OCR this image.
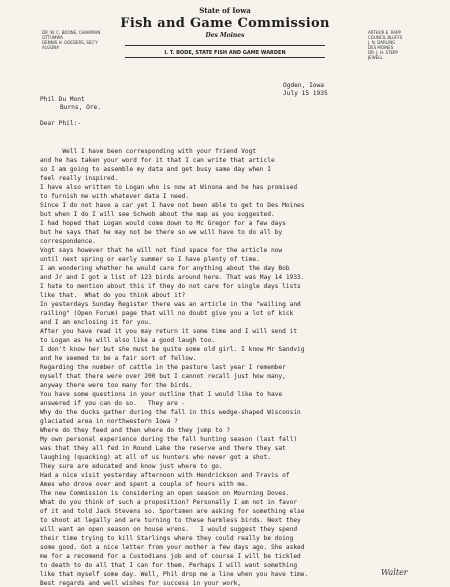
State of Iowa
Fish and Game Commission
Des Moines
I. T. BODE, STATE FISH AND GAME WARDEN
DR. W. C. BOONE, CHAIRMAN
OTTUMWA
DENNIS H. GOEDERS, SEC'Y
ALGONA
ARTHUR E. RAPP
COUNCIL BLUFFS
J. N. DARLING
DES MOINES
DR. J. H. STEPP
JEWELL
Ogden, Iowa
July 15 1935
Phil Du Mont
Burns, Ore.
Dear Phil:-
Well I have been corresponding with your friend Vogt
and he has taken your word for it that I can write that article
so I am going to assemble my data and get busy same day when I
feel really inspired.
I have also written to Logan who is now at Winona and he has promised
to furnish me with whatever data I need.
Since I do not have a car yet I have not been able to get to Des Moines
but when I do I will see Schwob about the map as you suggested.
I had hoped that Logan would come down to Mc Gregor for a few days
but he says that he may not be there so we will have to do all by
correspondence.
Vogt says however that he will not find space for the article now
until next spring or early summer so I have plenty of time.
I am wondering whether he would care for anything about the day Bob
and Jr and I got a list of 123 birds around here. That was May 14 1933.
I hate to mention about this if they do not care for single days lists
like that.  What do you think about it?
In yesterdays Sunday Register there was an article in the "wailing and
railing" (Open Forum) page that will no doubt give you a lot of kick
and I am enclosing it for you.
After you have read it you may return it some time and I will send it
to Logan as he will also like a good laugh too.
I don't know her but she must be quite some old girl. I know Mr Sandvig
and he seemed to be a fair sort of fellow.
Regarding the number of cattle in the pasture last year I remember
myself that there were over 200 but I cannot recall just how many,
anyway there were too many for the birds.
You have some questions in your outline that I would like to have
answered if you can do so.   They are -
Why do the ducks gather during the fall in this wedge-shaped Wisconsin
glaciated area in northwestern Iowa ?
Where do they feed and then where do they jump to ?
My own personal experience during the fall hunting season (last fall)
was that they all fed in Round Lake the reserve and there they sat
laughing (quacking) at all of us hunters who never got a shot.
They sure are educated and know just where to go.
Had a nice visit yesterday afternoon with Hendrickson and Travis of
Ames who drove over and spent a couple of hours with me.
The new Commission is considering an open season on Mourning Doves.
What do you think of such a proposition? Personally I am not in favor
of it and told Jack Stevens so. Sportsmen are asking for something else
to shoot at legally and are turning to these harmless birds. Next they
will want an open season on house wrens.   I would suggest they spend
their time trying to kill Starlings where they could really be doing
some good. Got a nice letter from your mother a few days ago. She asked
me for a recomend for a Custodians job and of course I will be tickled
to death to do all that I can for them. Perhaps I will want something
like that myself some day. Well, Phil drop me a line when you have time.
Best regards and well wishes for success in your work,
Walter
